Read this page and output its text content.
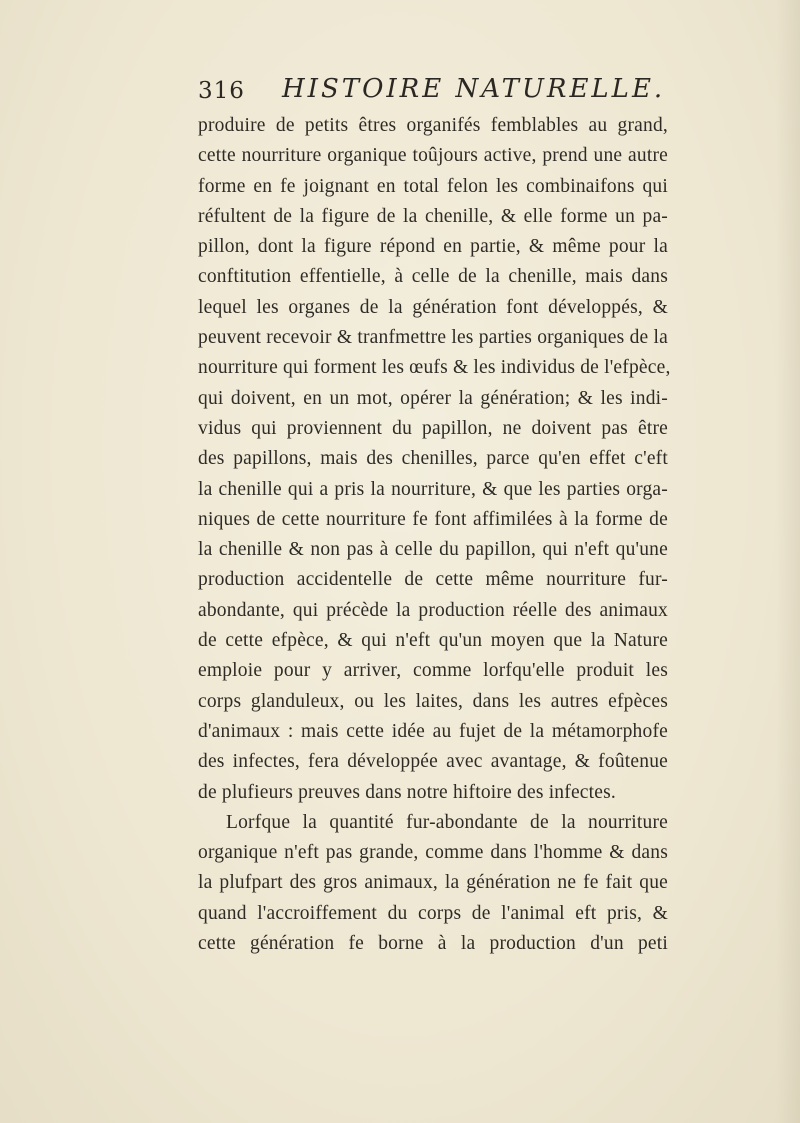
316 HISTOIRE NATURELLE.
produire de petits êtres organifés femblables au grand,
cette nourriture organique toûjours active, prend une autre
forme en fe joignant en total felon les combinaifons qui
réfultent de la figure de la chenille, & elle forme un pa-
pillon, dont la figure répond en partie, & même pour la
conftitution effentielle, à celle de la chenille, mais dans
lequel les organes de la génération font développés, &
peuvent recevoir & tranfmettre les parties organiques de la
nourriture qui forment les œufs & les individus de l'efpèce,
qui doivent, en un mot, opérer la génération; & les indi-
vidus qui proviennent du papillon, ne doivent pas être
des papillons, mais des chenilles, parce qu'en effet c'eft
la chenille qui a pris la nourriture, & que les parties orga-
niques de cette nourriture fe font affimilées à la forme de
la chenille & non pas à celle du papillon, qui n'eft qu'une
production accidentelle de cette même nourriture fur-
abondante, qui précède la production réelle des animaux
de cette efpèce, & qui n'eft qu'un moyen que la Nature
emploie pour y arriver, comme lorfqu'elle produit les
corps glanduleux, ou les laites, dans les autres efpèces
d'animaux : mais cette idée au fujet de la métamorphofe
des infectes, fera développée avec avantage, & foûtenue
de plufieurs preuves dans notre hiftoire des infectes.
Lorfque la quantité fur-abondante de la nourriture
organique n'eft pas grande, comme dans l'homme & dans
la plufpart des gros animaux, la génération ne fe fait que
quand l'accroiffement du corps de l'animal eft pris, &
cette génération fe borne à la production d'un peti
